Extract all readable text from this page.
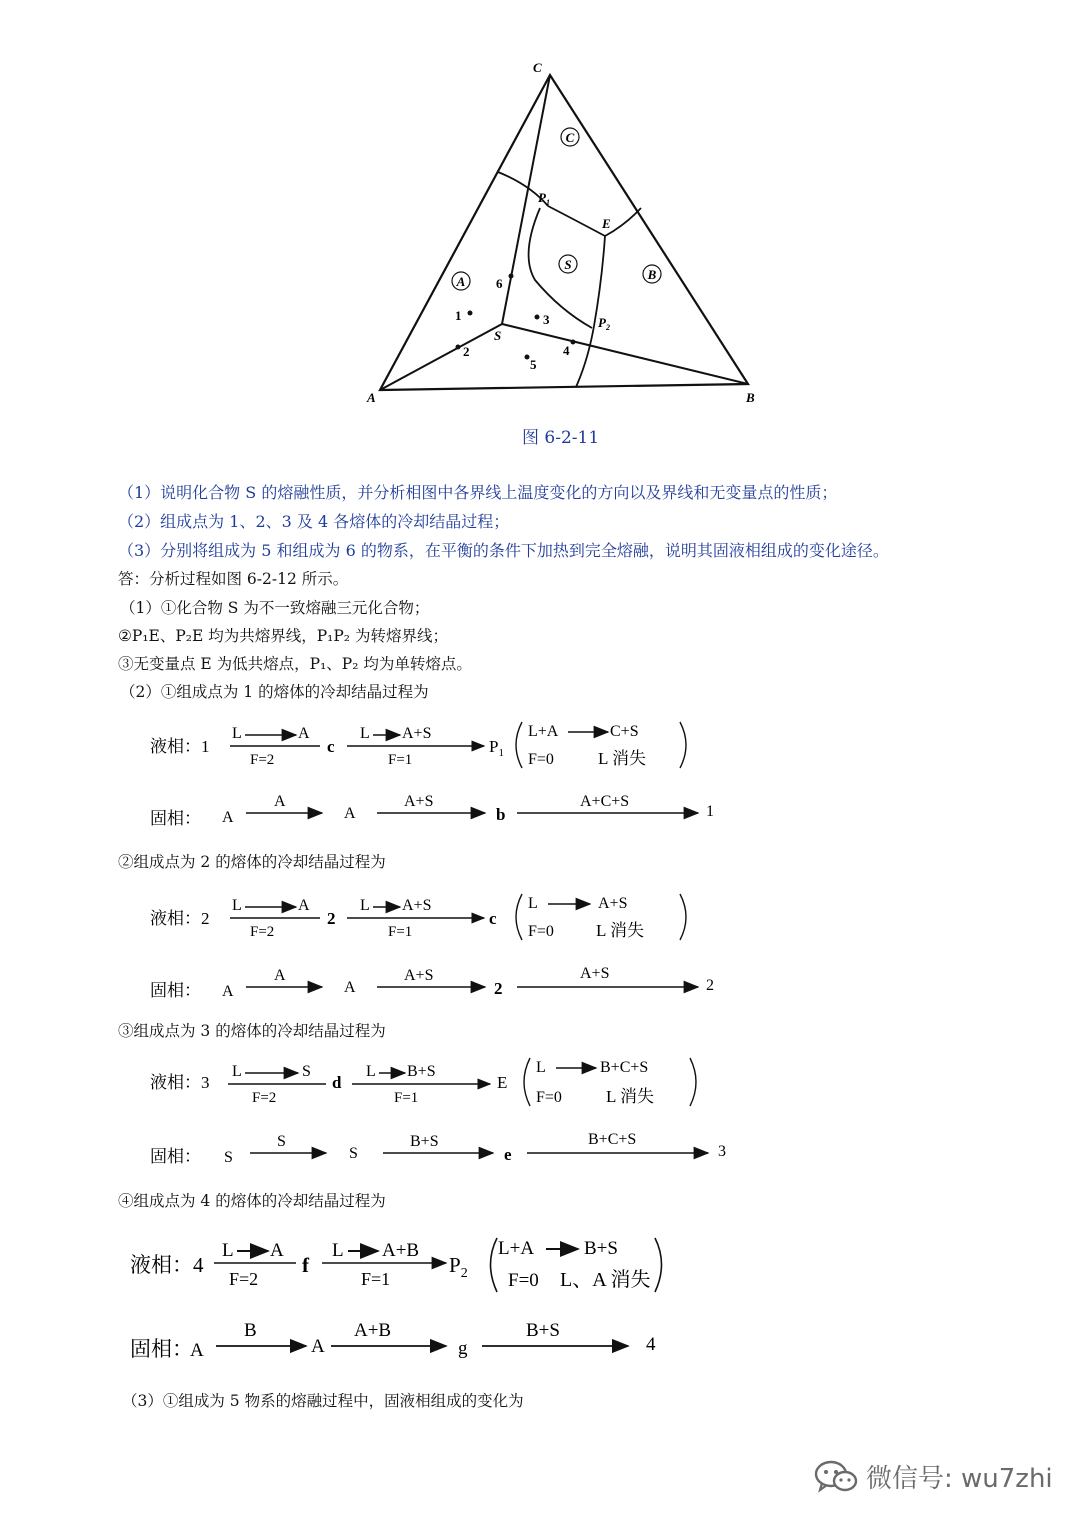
C
S
A	B
C
A	B
$P_1$
E
$P_2$
S
1
2
3
4
5
6
图 6-2-11
（1）说明化合物 S 的熔融性质，并分析相图中各界线上温度变化的方向以及界线和无变量点的性质；
（2）组成点为 1、2、3 及 4 各熔体的冷却结晶过程；
（3）分别将组成为 5 和组成为 6 的物系，在平衡的条件下加热到完全熔融，说明其固液相组成的变化途径。
答：分析过程如图 6-2-12 所示。
（1）①化合物 S 为不一致熔融三元化合物；
②P₁E、P₂E 均为共熔界线，P₁P₂ 为转熔界线；
③无变量点 E 为低共熔点，P₁、P₂ 均为单转熔点。
（2）①组成点为 1 的熔体的冷却结晶过程为
②组成点为 2 的熔体的冷却结晶过程为
③组成点为 3 的熔体的冷却结晶过程为
④组成点为 4 的熔体的冷却结晶过程为
（3）①组成为 5 物系的熔融过程中，固液相组成的变化为
液相：1
L	A
F=2
c
L A+S
F=1
$P_1$
L+A	C+S
F=0	L 消失
固相： A
A
A
A+S
b
A+C+S
1
液相：2
L	A
F=2
2
L A+S
F=1
c
L	A+S
F=0 L 消失
固相： A
A
A
A+S
2
A+S
2
液相：3
L	S
F=2
d
L B+S
F=1
E
L	B+C+S
F=0	L 消失
固相： S
S
S
B+S
e
B+C+S
3
液相：4
L A
F=2
f
L A+B
F=1
$P_2$
L+A	B+S
F=0 L、A 消失
固相：
A
B
A
A+B
g
B+S
4
微信号: wu7zhi
